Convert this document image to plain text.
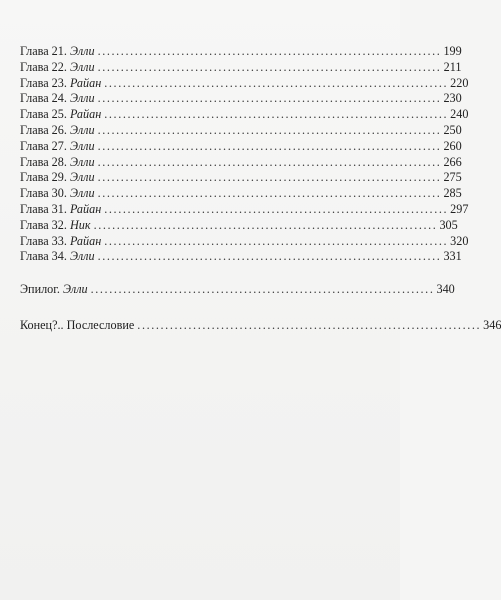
Глава 21.
Элли .......................................................................... 199
Глава 22.
Элли .......................................................................... 211
Глава 23.
Райан .......................................................................... 220
Глава 24.
Элли .......................................................................... 230
Глава 25.
Райан .......................................................................... 240
Глава 26.
Элли .......................................................................... 250
Глава 27.
Элли .......................................................................... 260
Глава 28.
Элли .......................................................................... 266
Глава 29.
Элли .......................................................................... 275
Глава 30.
Элли .......................................................................... 285
Глава 31.
Райан .......................................................................... 297
Глава 32.
Ник .......................................................................... 305
Глава 33.
Райан .......................................................................... 320
Глава 34.
Элли .......................................................................... 331
Эпилог.
Элли .......................................................................... 340
Конец?.. Послесловие .......................................................................... 346
